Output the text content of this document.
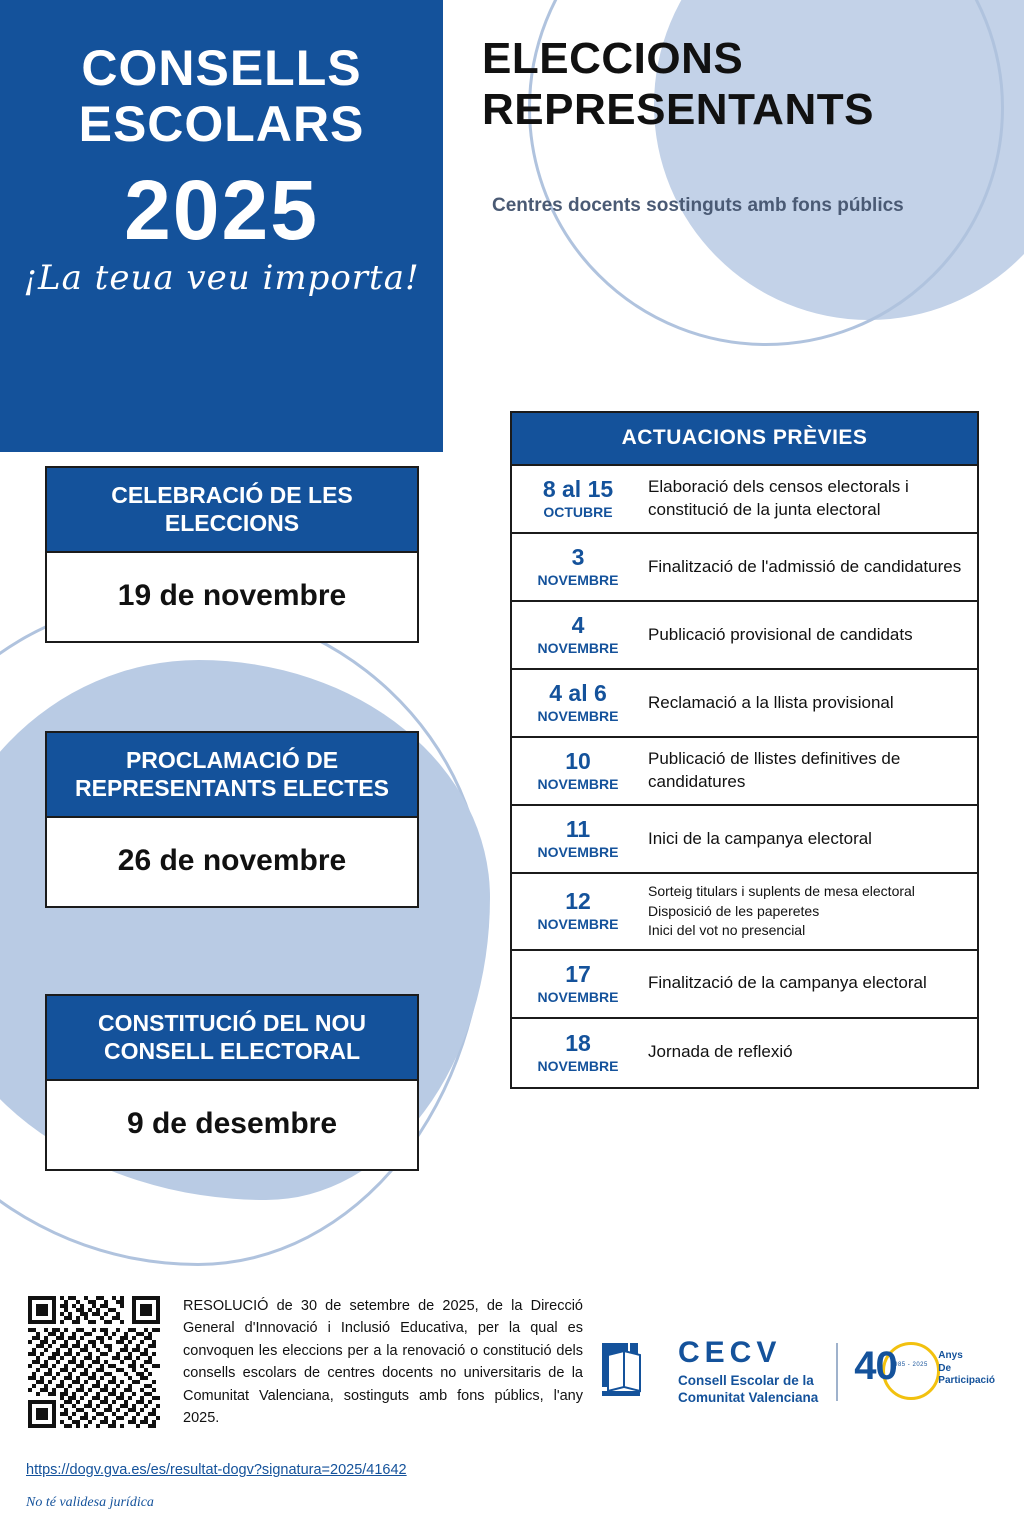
CONSELLS
ESCOLARS
2025
¡La teua veu importa!
ELECCIONS
REPRESENTANTS
Centres docents sostinguts amb fons públics
CELEBRACIÓ DE LES ELECCIONS
19 de novembre
PROCLAMACIÓ DE REPRESENTANTS ELECTES
26 de novembre
CONSTITUCIÓ DEL NOU CONSELL ELECTORAL
9 de desembre
ACTUACIONS PRÈVIES
8 al 15
OCTUBRE
Elaboració dels censos electorals i constitució de la junta electoral
3
NOVEMBRE
Finalització de l'admissió de candidatures
4
NOVEMBRE
Publicació provisional de candidats
4 al 6
NOVEMBRE
Reclamació a la llista provisional
10
NOVEMBRE
Publicació de llistes definitives de candidatures
11
NOVEMBRE
Inici de la campanya electoral
12
NOVEMBRE
Sorteig titulars i suplents de mesa electoral
Disposició de les paperetes
Inici del vot no presencial
17
NOVEMBRE
Finalització de la campanya electoral
18
NOVEMBRE
Jornada de reflexió
RESOLUCIÓ de 30 de setembre de 2025, de la Direcció General d'Innovació i Inclusió Educativa, per la qual es convoquen les eleccions per a la renovació o constitució dels consells escolars de centres docents no universitaris de la Comunitat Valenciana, sostinguts amb fons públics, l'any 2025.
https://dogv.gva.es/es/resultat-dogv?signatura=2025/41642
No té validesa jurídica
CECV
Consell Escolar de la
Comunitat Valenciana
40
1985 - 2025
Anys
De
Participació
